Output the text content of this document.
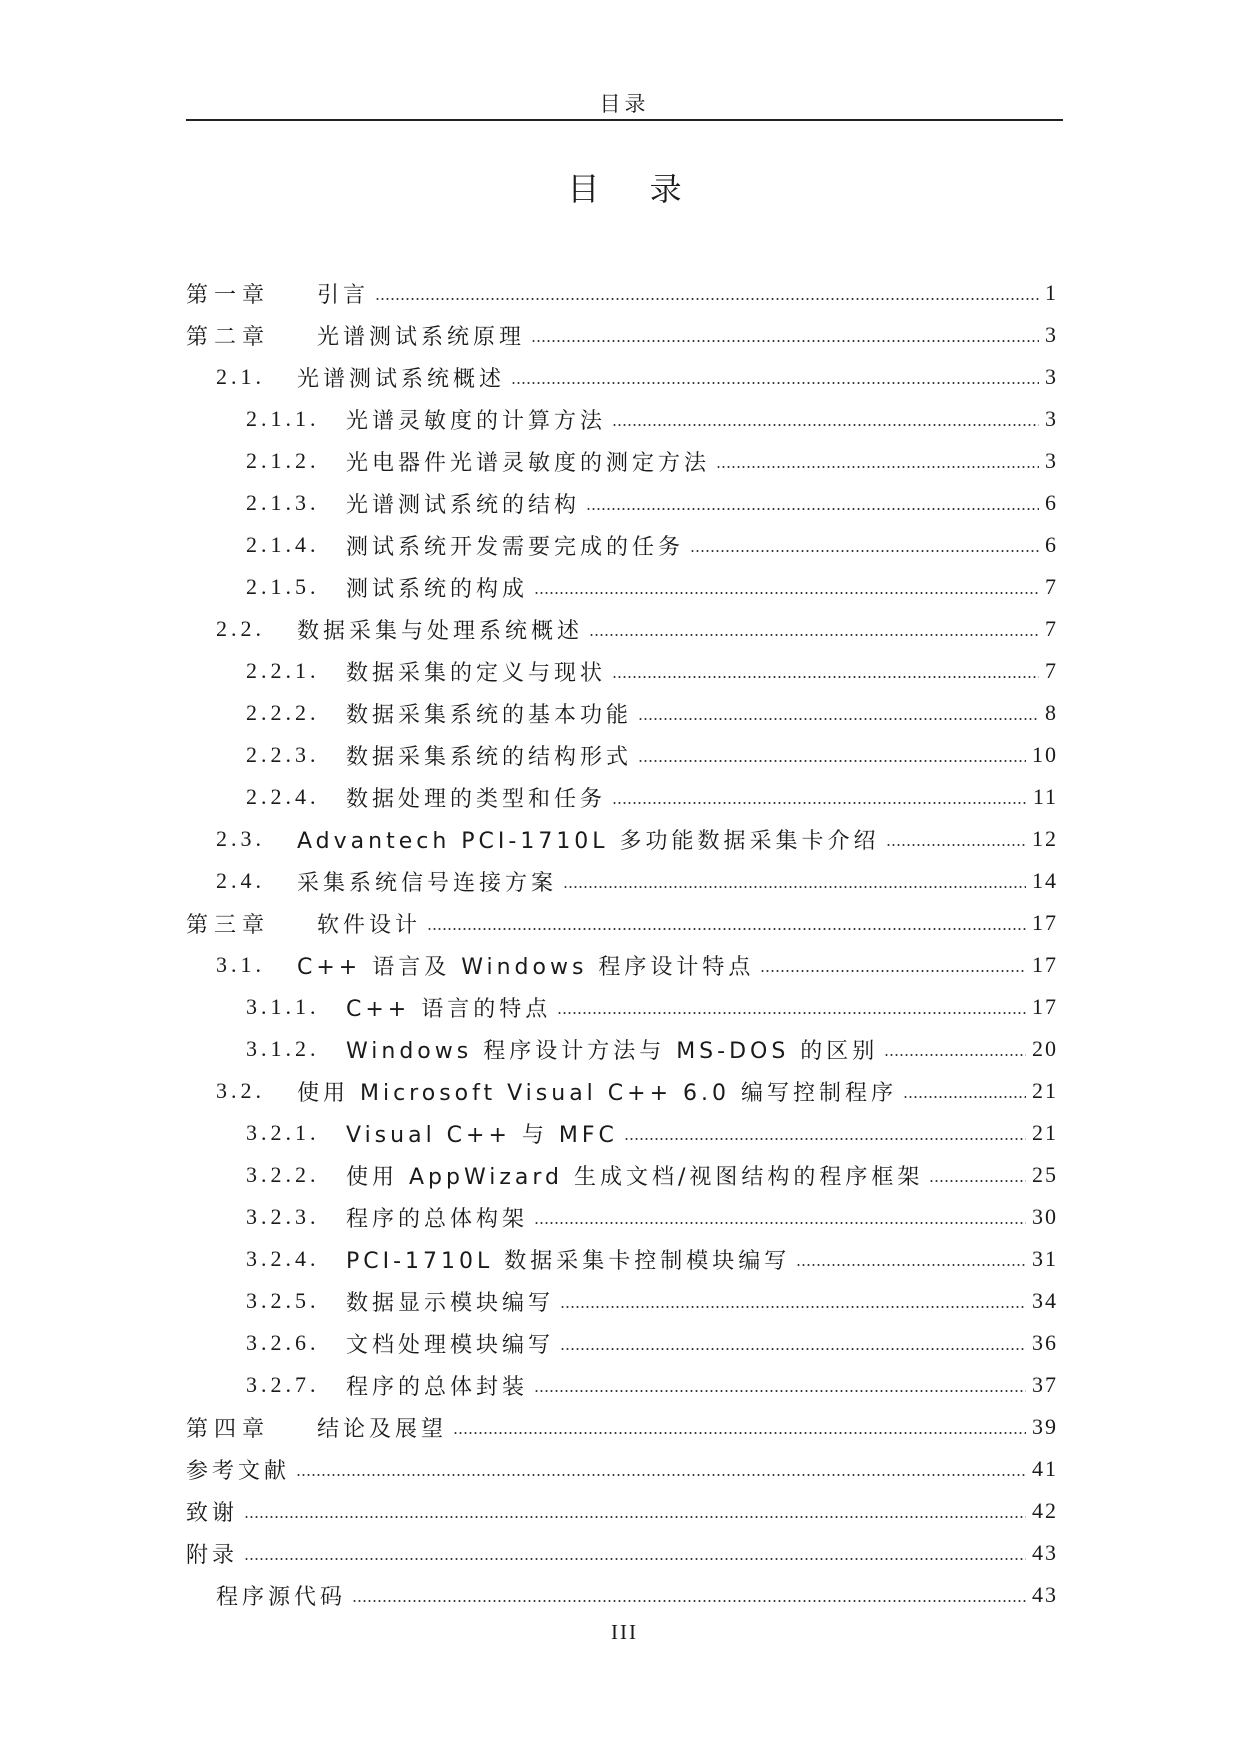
目录
目 录
第一章	引言	1
第二章	光谱测试系统原理	3
2.1.	光谱测试系统概述	3
2.1.1.	光谱灵敏度的计算方法	3
2.1.2.	光电器件光谱灵敏度的测定方法	3
2.1.3.	光谱测试系统的结构	6
2.1.4.	测试系统开发需要完成的任务	6
2.1.5.	测试系统的构成	7
2.2.	数据采集与处理系统概述	7
2.2.1.	数据采集的定义与现状	7
2.2.2.	数据采集系统的基本功能	8
2.2.3.	数据采集系统的结构形式	10
2.2.4.	数据处理的类型和任务	11
2.3.	Advantech PCI-1710L 多功能数据采集卡介绍	12
2.4.	采集系统信号连接方案	14
第三章	软件设计	17
3.1.	C++ 语言及 Windows 程序设计特点	17
3.1.1.	C++ 语言的特点	17
3.1.2.	Windows 程序设计方法与 MS-DOS 的区别	20
3.2.	使用 Microsoft Visual C++ 6.0 编写控制程序	21
3.2.1.	Visual C++ 与 MFC	21
3.2.2.	使用 AppWizard 生成文档/视图结构的程序框架	25
3.2.3.	程序的总体构架	30
3.2.4.	PCI-1710L 数据采集卡控制模块编写	31
3.2.5.	数据显示模块编写	34
3.2.6.	文档处理模块编写	36
3.2.7.	程序的总体封装	37
第四章	结论及展望	39
参考文献	41
致谢	42
附录	43
程序源代码	43
III
